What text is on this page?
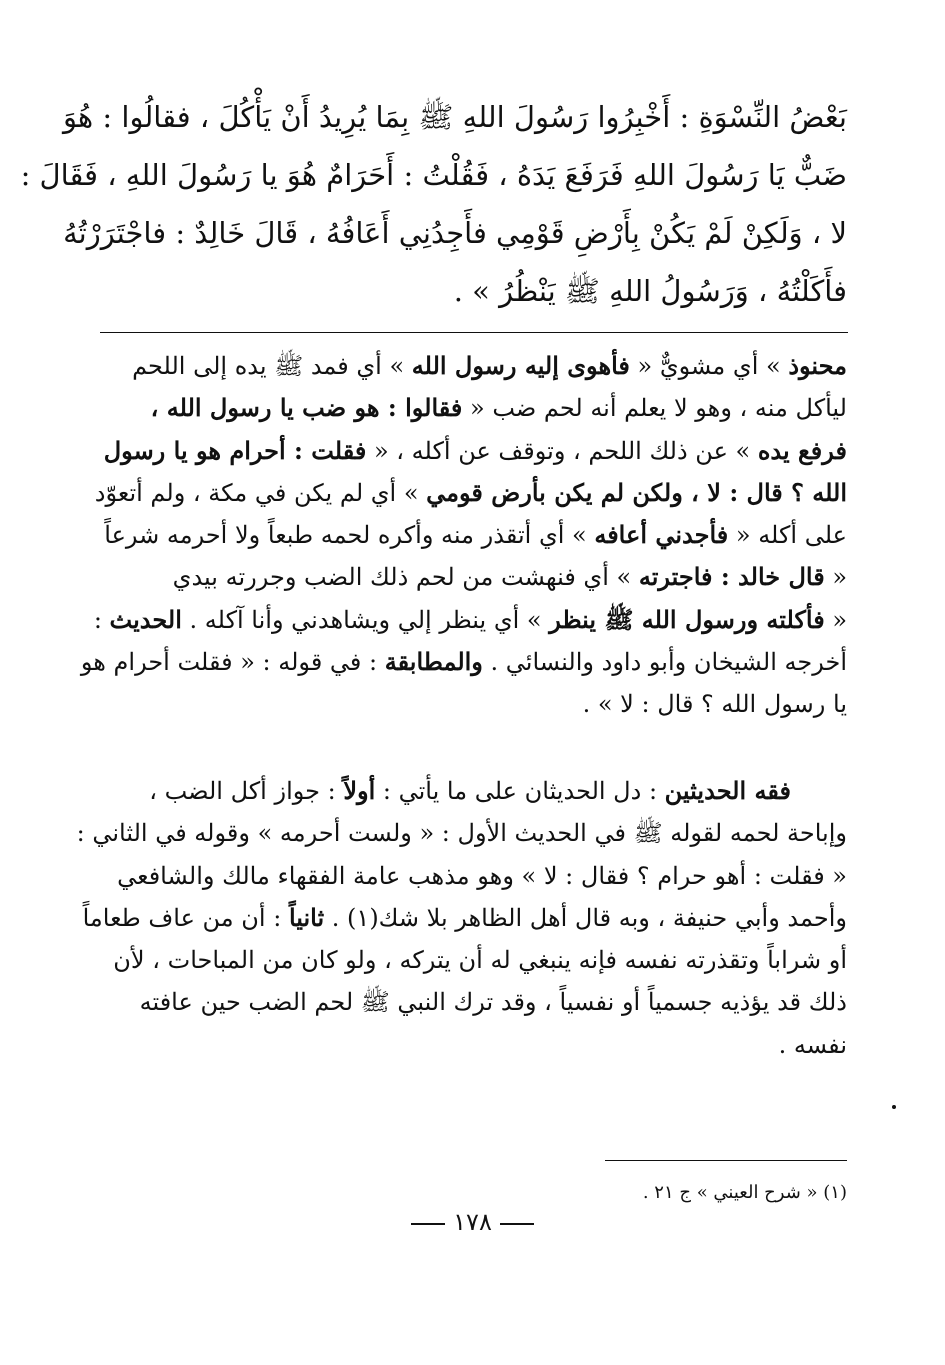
بَعْضُ النِّسْوَةِ : أَخْبِرُوا رَسُولَ اللهِ ﷺ بِمَا يُرِيدُ أَنْ يَأْكُلَ ، فقالُوا : هُوَ
ضَبٌّ يَا رَسُولَ اللهِ فَرَفَعَ يَدَهُ ، فَقُلْتُ : أَحَرَامٌ هُوَ يا رَسُولَ اللهِ ، فَقَالَ :
لا ، وَلَكِنْ لَمْ يَكُنْ بِأَرْضِ قَوْمِي فأَجِدُنِي أَعَافُهُ ، قَالَ خَالِدٌ : فاجْتَرَرْتُهُ
فأَكَلْتُهُ ، وَرَسُولُ اللهِ ﷺ يَنْظُرُ » .
محنوذ » أي مشويٌّ « فأهوى إليه رسول الله » أي فمد ﷺ يده إلى اللحم
ليأكل منه ، وهو لا يعلم أنه لحم ضب « فقالوا : هو ضب يا رسول الله ،
فرفع يده » عن ذلك اللحم ، وتوقف عن أكله ، « فقلت : أحرام هو يا رسول
الله ؟ قال : لا ، ولكن لم يكن بأرض قومي » أي لم يكن في مكة ، ولم أتعوّد
على أكله « فأجدني أعافه » أي أتقذر منه وأكره لحمه طبعاً ولا أحرمه شرعاً
« قال خالد : فاجترته » أي فنهشت من لحم ذلك الضب وجررته بيدي
« فأكلته ورسول الله ﷺ ينظر » أي ينظر إلي ويشاهدني وأنا آكله . الحديث :
أخرجه الشيخان وأبو داود والنسائي . والمطابقة : في قوله : « فقلت أحرام هو
يا رسول الله ؟ قال : لا » .
فقه الحديثين : دل الحديثان على ما يأتي : أولاً : جواز أكل الضب ،
وإباحة لحمه لقوله ﷺ في الحديث الأول : « ولست أحرمه » وقوله في الثاني :
« فقلت : أهو حرام ؟ فقال : لا » وهو مذهب عامة الفقهاء مالك والشافعي
وأحمد وأبي حنيفة ، وبه قال أهل الظاهر بلا شك(١) . ثانياً : أن من عاف طعاماً
أو شراباً وتقذرته نفسه فإنه ينبغي له أن يتركه ، ولو كان من المباحات ، لأن
ذلك قد يؤذيه جسمياً أو نفسياً ، وقد ترك النبي ﷺ لحم الضب حين عافته
نفسه .
(١) « شرح العيني » ج ٢١ .
١٧٨
